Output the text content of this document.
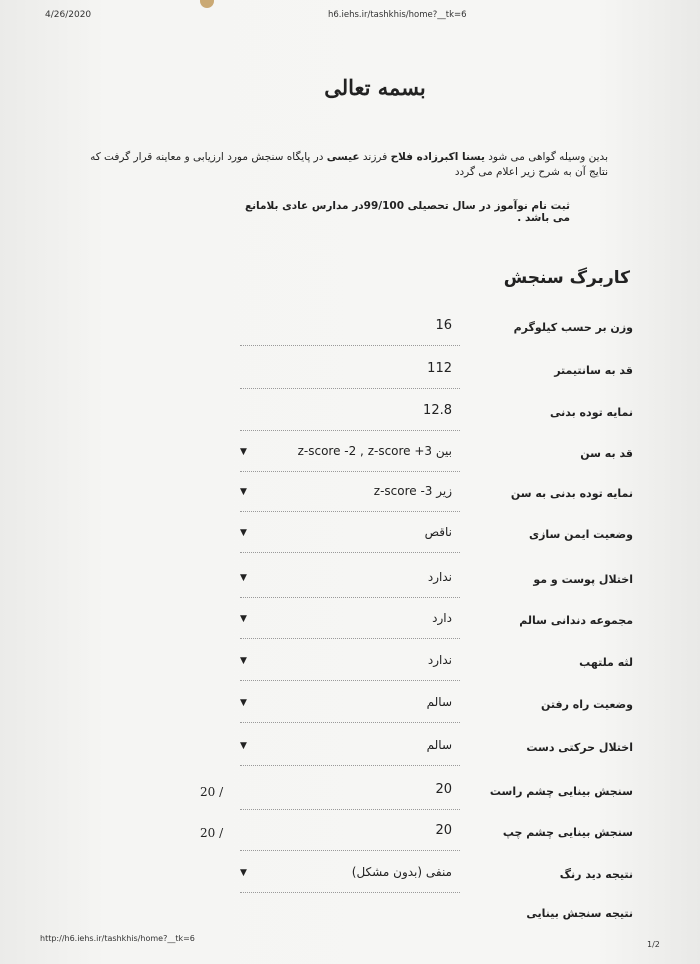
4/26/2020	h6.iehs.ir/tashkhis/home?__tk=6
بسمه تعالی
بدین وسیله گواهی می شود یسنا اکبرزاده فلاح فرزند عیسی در پایگاه سنجش مورد ارزیابی و معاینه قرار گرفت که نتایج آن به شرح زیر اعلام می گردد
ثبت نام نوآموز در سال تحصیلی 99/100در مدارس عادی بلامانع می باشد .
کاربرگ سنجش
وزن بر حسب کیلوگرم
16
قد به سانتیمتر
112
نمایه توده بدنی
12.8
قد به سن
بین z-score -2 , z-score +3
▼
نمایه توده بدنی به سن
زیر z-score -3
▼
وضعیت ایمن سازی
ناقص
▼
اختلال پوست و مو
ندارد
▼
مجموعه دندانی سالم
دارد
▼
لثه ملتهب
ندارد
▼
وضعیت راه رفتن
سالم
▼
اختلال حرکتی دست
سالم
▼
سنجش بینایی چشم راست
20
20 /
سنجش بینایی چشم چپ
20
20 /
نتیجه دید رنگ
منفی (بدون مشکل)
▼
نتیجه سنجش بینایی
http://h6.iehs.ir/tashkhis/home?__tk=6
1/2
